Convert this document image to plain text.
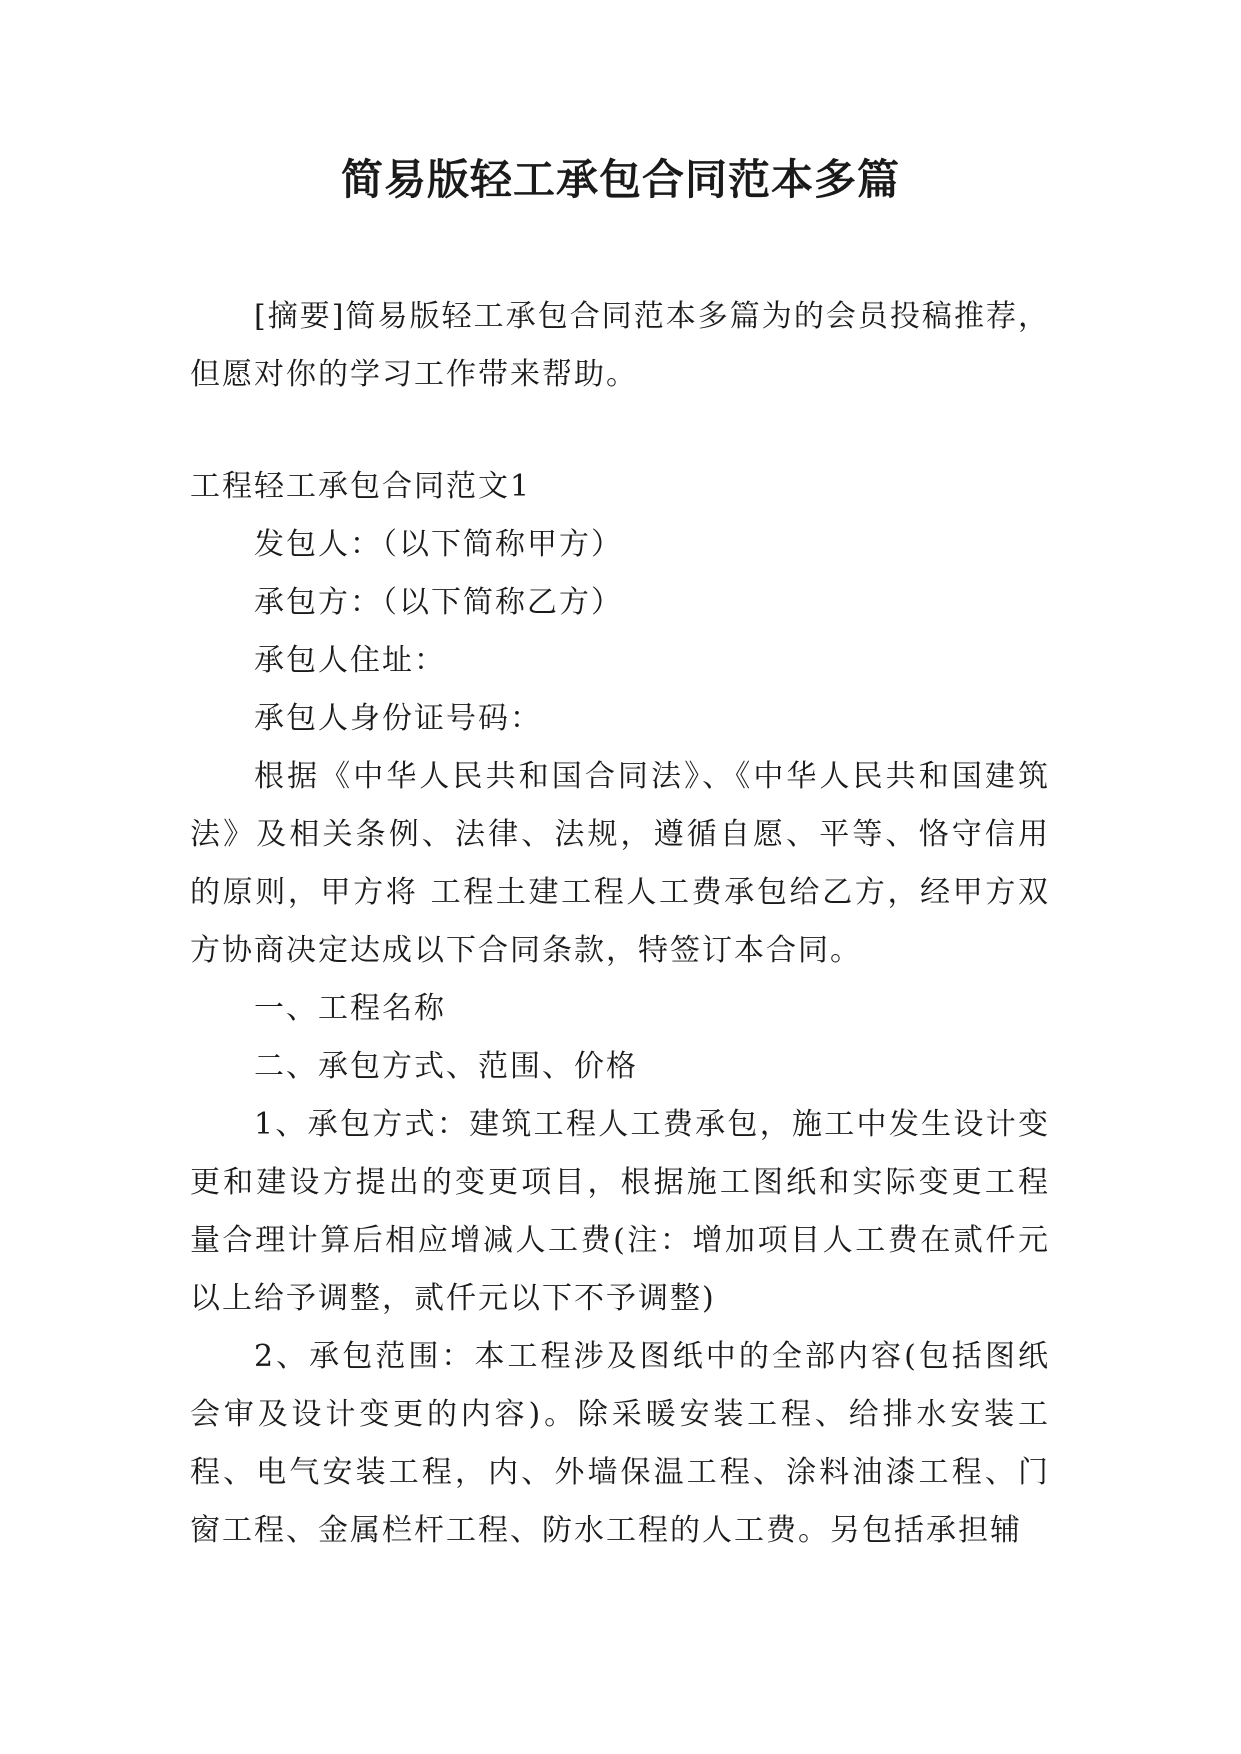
简易版轻工承包合同范本多篇

[摘要]简易版轻工承包合同范本多篇为的会员投稿推荐，但愿对你的学习工作带来帮助。

工程轻工承包合同范文1

发包人：（以下简称甲方）

承包方：（以下简称乙方）

承包人住址：

承包人身份证号码：

根据《中华人民共和国合同法》、《中华人民共和国建筑法》及相关条例、法律、法规，遵循自愿、平等、恪守信用的原则，甲方将 工程土建工程人工费承包给乙方，经甲方双方协商决定达成以下合同条款，特签订本合同。

一、工程名称

二、承包方式、范围、价格

1、承包方式：建筑工程人工费承包，施工中发生设计变更和建设方提出的变更项目，根据施工图纸和实际变更工程量合理计算后相应增减人工费(注：增加项目人工费在贰仟元以上给予调整，贰仟元以下不予调整)

2、承包范围：本工程涉及图纸中的全部内容(包括图纸会审及设计变更的内容)。除采暖安装工程、给排水安装工程、电气安装工程，内、外墙保温工程、涂料油漆工程、门窗工程、金属栏杆工程、防水工程的人工费。另包括承担辅
